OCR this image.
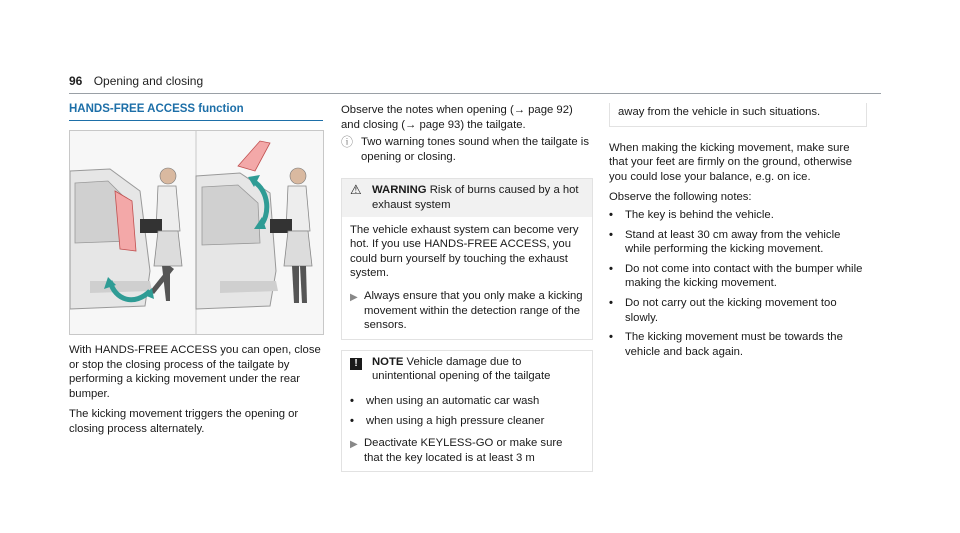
96 Opening and closing
HANDS-FREE ACCESS function

With HANDS-FREE ACCESS you can open, close or stop the closing process of the tailgate by performing a kicking movement under the rear bumper.

The kicking movement triggers the opening or closing process alternately.

Observe the notes when opening (→ page 92) and closing (→ page 93) the tailgate.

ⓘ Two warning tones sound when the tailgate is opening or closing.
⚠ WARNING Risk of burns caused by a hot exhaust system

The vehicle exhaust system can become very hot. If you use HANDS-FREE ACCESS, you could burn yourself by touching the exhaust system.

▶ Always ensure that you only make a kicking movement within the detection range of the sensors.
!	NOTE Vehicle damage due to unintentional opening of the tailgate
•	when using an automatic car wash
•	when using a high pressure cleaner
▶ Deactivate KEYLESS-GO or make sure that the key located is at least 3 m

away from the vehicle in such situations.

When making the kicking movement, make sure that your feet are firmly on the ground, otherwise you could lose your balance, e.g. on ice.

Observe the following notes:

•	The key is behind the vehicle.
•	Stand at least 30 cm away from the vehicle while performing the kicking movement.
•	Do not come into contact with the bumper while making the kicking movement.
•	Do not carry out the kicking movement too slowly.
•	The kicking movement must be towards the vehicle and back again.
